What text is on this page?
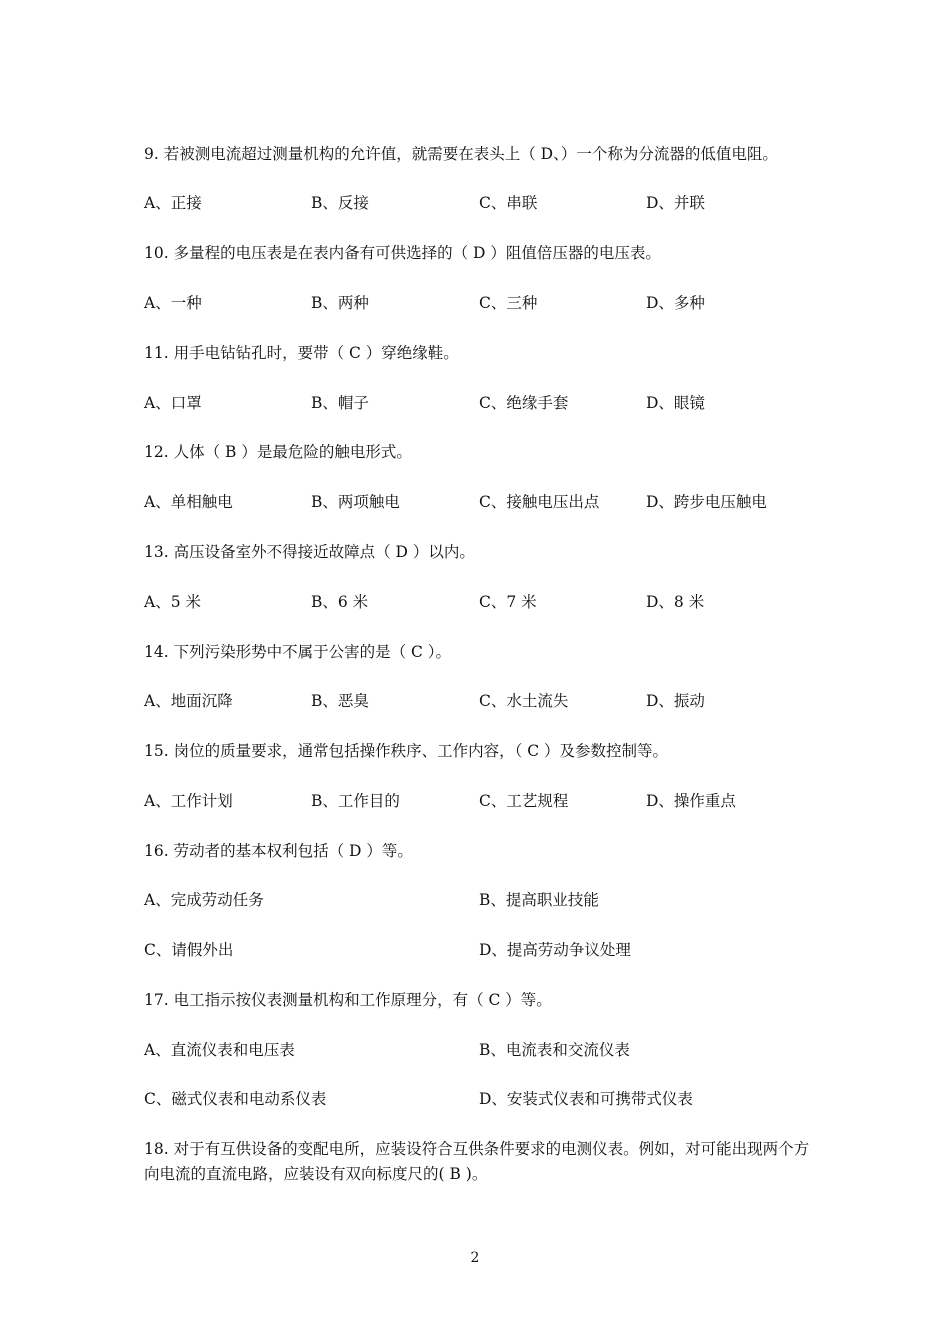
9. 若被测电流超过测量机构的允许值，就需要在表头上（ D、）一个称为分流器的低值电阻。
A、正接	B、反接	C、串联	D、并联
10. 多量程的电压表是在表内备有可供选择的（ D ）阻值倍压器的电压表。
A、一种	B、两种	C、三种	D、多种
11. 用手电钻钻孔时，要带（ C ）穿绝缘鞋。
A、口罩	B、帽子	C、绝缘手套	D、眼镜
12. 人体（ B ）是最危险的触电形式。
A、单相触电	B、两项触电	C、接触电压出点	D、跨步电压触电
13. 高压设备室外不得接近故障点（ D ）以内。
A、5 米	B、6 米	C、7 米	D、8 米
14. 下列污染形势中不属于公害的是（ C ）。
A、地面沉降	B、恶臭	C、水土流失	D、振动
15. 岗位的质量要求，通常包括操作秩序、工作内容，（ C ）及参数控制等。
A、工作计划	B、工作目的	C、工艺规程	D、操作重点
16. 劳动者的基本权利包括（ D ）等。
A、完成劳动任务	B、提高职业技能
C、请假外出	D、提高劳动争议处理
17. 电工指示按仪表测量机构和工作原理分，有（ C ）等。
A、直流仪表和电压表	B、电流表和交流仪表
C、磁式仪表和电动系仪表	D、安装式仪表和可携带式仪表
18. 对于有互供设备的变配电所，应装设符合互供条件要求的电测仪表。例如，对可能出现两个方向电流的直流电路，应装设有双向标度尺的( B )。
2
